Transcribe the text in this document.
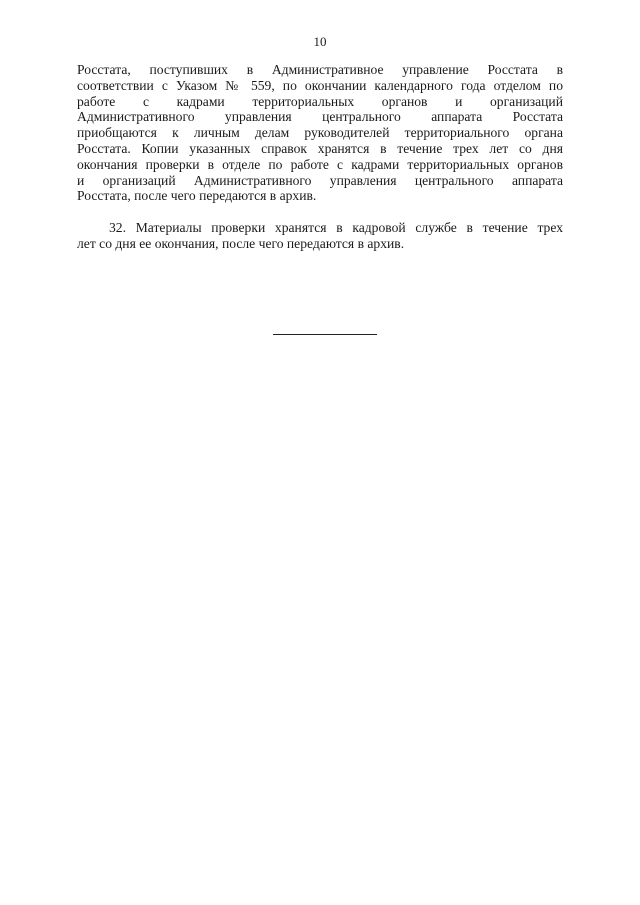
10
Росстата, поступивших в Административное управление Росстата в
соответствии с Указом № 559, по окончании календарного года отделом по
работе с кадрами территориальных органов и организаций
Административного управления центрального аппарата Росстата
приобщаются к личным делам руководителей территориального органа
Росстата. Копии указанных справок хранятся в течение трех лет со дня
окончания проверки в отделе по работе с кадрами территориальных органов
и организаций Административного управления центрального аппарата
Росстата, после чего передаются в архив.
32. Материалы проверки хранятся в кадровой службе в течение трех
лет со дня ее окончания, после чего передаются в архив.
